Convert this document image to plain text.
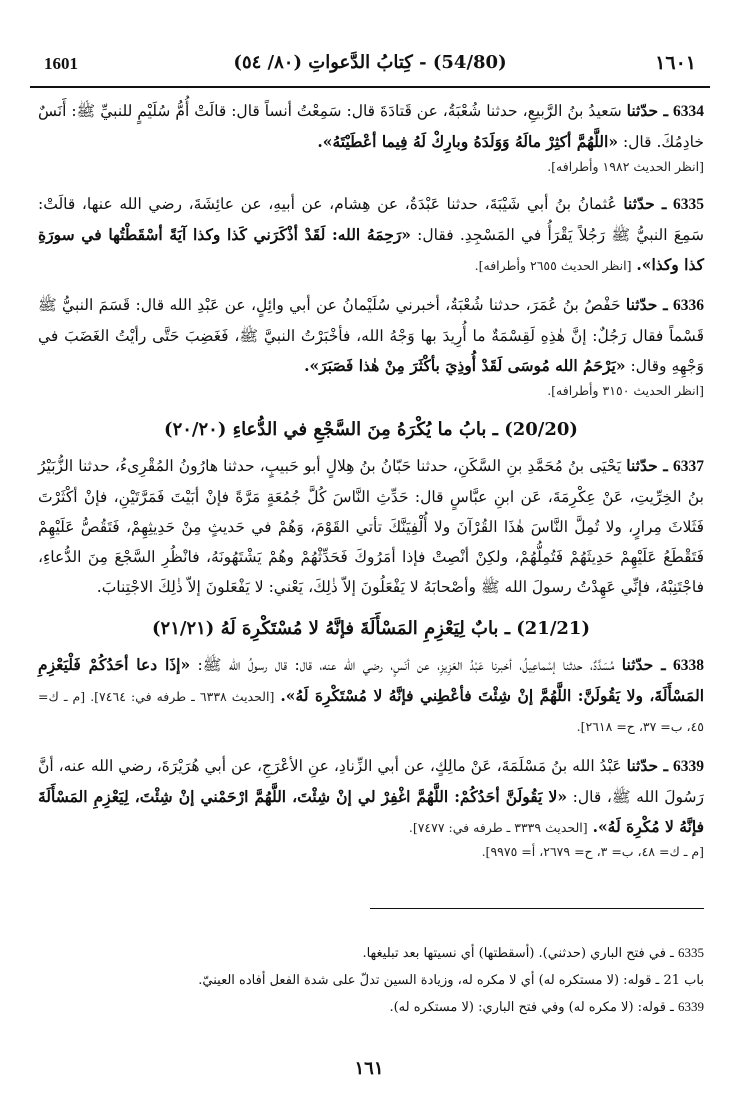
1601	(54/80) - كِتابُ الدَّعواتِ (٨٠/ ٥٤)	١٦٠١

6334 ـ حدّثنا سَعيدُ بنُ الرَّبيعِ، حدثنا شُعْبَةُ، عن قَتادَةَ قال: سَمِعْتُ أنساً قال: قالَتْ أُمُّ سُلَيْمٍ للنبيِّ ﷺ: أَنَسٌ خادِمُكَ. قال: «اللَّهُمَّ أكثِرْ مالَهُ وَوَلَدَهُ وبارِكْ لَهُ فِيما أعْطَيْتَهُ».

[انظر الحديث ١٩٨٢ وأطرافه].

6335 ـ حدّثنا عُثمانُ بنُ أبي شَيْبَةَ، حدثنا عَبْدَةُ، عن هِشام، عن أبيهِ، عن عائِشَةَ، رضي الله عنها، قالَتْ: سَمِعَ النبيُّ ﷺ رَجُلاً يَقْرَأُ في المَسْجِدِ. فقال: «رَحِمَهُ الله: لَقَدْ أذْكَرَني كَذا وكذا آيَةً أسْقَطْتُها في سورَةِ كذا وكذا». [انظر الحديث ٢٦٥٥ وأطرافه].

6336 ـ حدّثنا حَفْصُ بنُ عُمَرَ، حدثنا شُعْبَةُ، أخبرني سُلَيْمانُ عن أبي وائِلٍ، عن عَبْدِ الله قال: قَسَمَ النبيُّ ﷺ قَسْماً فقال رَجُلٌ: إنَّ هٰذِهِ لَقِسْمَةٌ ما أُرِيدَ بها وَجْهُ الله، فأخْبَرْتُ النبيَّ ﷺ، فَغَضِبَ حَتَّى رأيْتُ الغَضَبَ في وَجْهِهِ وقال: «يَرْحَمُ الله مُوسَى لَقَدْ أُوذِيَ بأكْثَرَ مِنْ هٰذا فَصَبَرَ».

[انظر الحديث ٣١٥٠ وأطرافه].

(20/20) ـ بابُ ما يُكْرَهُ مِنَ السَّجْعِ في الدُّعاءِ (٢٠/٢٠)

6337 ـ حدّثنا يَحْيَى بنُ مُحَمَّدِ بنِ السَّكَنِ، حدثنا حَبّانُ بنُ هِلالٍ أبو حَبيبٍ، حدثنا هارُونُ المُقْرِىءُ، حدثنا الزُّبَيْرُ بنُ الخِرِّيتِ، عَنْ عِكْرِمَةَ، عَن ابنِ عبَّاسٍ قال: حَدِّثِ النَّاسَ كُلَّ جُمُعَةٍ مَرَّةً فإنْ أبَيْتَ فَمَرَّتَيْنِ، فإنْ أكْثَرْتَ فَثَلاثَ مِرارٍ، ولا تُمِلَّ النَّاسَ هٰذَا القُرْآنَ ولا أُلْفِيَنَّكَ تأتي القَوْمَ، وَهُمْ في حَديثٍ مِنْ حَدِيثِهِمْ، فَتَقُصُّ عَلَيْهِمْ فَتَقْطَعُ عَلَيْهِمْ حَدِيثَهُمْ فَتُمِلُّهُمْ، ولكِنْ أنْصِتْ فإذا أمَرُوكَ فَحَدِّثْهُمْ وهُمْ يَشْتَهُونَهُ، فانْظُرِ السَّجْعَ مِنَ الدُّعاءِ، فاجْتَنِبْهُ، فإنِّي عَهِدْتُ رسولَ الله ﷺ وأصْحابَهُ لا يَفْعَلُونَ إلاّ ذٰلِكَ، يَعْني: لا يَفْعَلونَ إلاّ ذٰلِكَ الاجْتِنابَ.

(21/21) ـ بابٌ لِيَعْزِمِ المَسْأَلَةَ فإنَّهُ لا مُسْتَكْرِهَ لَهُ (٢١/٢١)

6338 ـ حدّثنا مُسَدَّدٌ، حدثنا إسْماعِيلُ، أخبرنا عَبْدُ العَزِيزِ، عن أنَسٍ، رضي الله عنه، قال: قال رسولُ الله ﷺ: «إذَا دعا أحَدُكُمْ فَلْيَعْزِمِ المَسْأَلَةَ، ولا يَقُولَنَّ: اللَّهُمَّ إنْ شِئْتَ فأعْطِني فإنَّهُ لا مُسْتَكْرِهَ لَهُ». [الحديث ٦٣٣٨ ـ طرفه في: ٧٤٦٤]. [م ـ ك= ٤٥، ب= ٣٧، ح= ٢٦١٨].

6339 ـ حدّثنا عَبْدُ الله بنُ مَسْلَمَةَ، عَنْ مالِكٍ، عن أبي الزِّنادِ، عنِ الأعْرَجِ، عن أبي هُرَيْرَةَ، رضي الله عنه، أنَّ رَسُولَ الله ﷺ، قال: «لا يَقُولَنَّ أحَدُكُمْ: اللَّهُمَّ اغْفِرْ لي إنْ شِئْتَ، اللَّهُمَّ ارْحَمْني إنْ شِئْتَ، لِيَعْزِمِ المَسْأَلَةَ فإنَّهُ لا مُكْرِهَ لَهُ». [الحديث ٣٣٣٩ ـ طرفه في: ٧٤٧٧].

[م ـ ك= ٤٨، ب= ٣، ح= ٢٦٧٩، أ= ٩٩٧٥].

6335 ـ في فتح الباري (حدثني). (أسقطتها) أي نسيتها بعد تبليغها.

باب 21 ـ قوله: (لا مستكره له) أي لا مكره له، وزيادة السين تدلّ على شدة الفعل أفاده العينيّ.

6339 ـ قوله: (لا مكره له) وفي فتح الباري: (لا مستكره له).

١٦١
